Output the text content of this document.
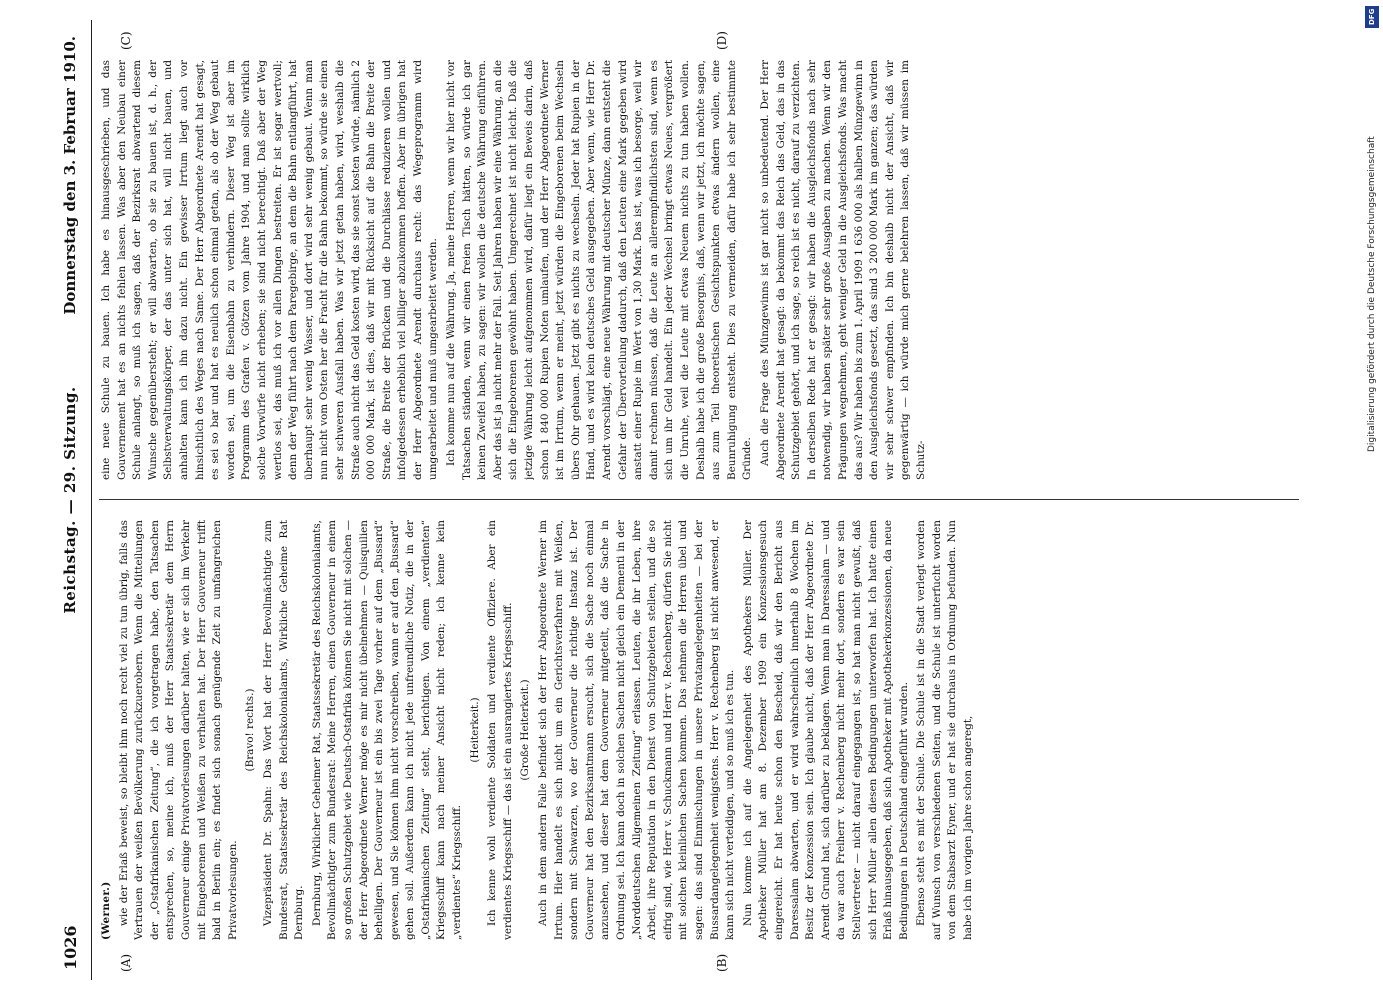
1026
Reichstag. — 29. Sitzung.
Donnerstag den 3. Februar 1910.
(A)	(B)
(C)	(D)

(Werner.) wie der Erlaß beweist, so bleibt ihm noch recht viel zu tun übrig, falls das Vertrauen der weißen Bevölkerung zurückzuerobern. Wenn die Mitteilungen der „Ostafrikanischen Zeitung“, die ich vorgetragen habe, den Tatsachen entsprechen, so, meine ich, muß der Herr Staatssekretär dem Herrn Gouverneur einige Privatvorlesungen darüber halten, wie er sich im Verkehr mit Eingeborenen und Weißen zu verhalten hat. Der Herr Gouverneur trifft bald in Berlin ein; es findet sich sonach genügende Zeit zu umfangreichen Privatvorlesungen.

(Bravo! rechts.) Vizepräsident Dr. Spahn: Das Wort hat der Herr Bevollmächtigte zum Bundesrat, Staatssekretär des Reichskolonialamts, Wirkliche Geheime Rat Dernburg. Dernburg, Wirklicher Geheimer Rat, Staatssekretär des Reichskolonialamts, Bevollmächtigter zum Bundesrat: Meine Herren, einen Gouverneur in einem so großen Schutzgebiet wie Deutsch-Ostafrika können Sie nicht mit solchen — der Herr Abgeordnete Werner möge es mir nicht übelnehmen — Quisquilien behelligen. Der Gouverneur ist ein bis zwei Tage vorher auf dem „Bussard“ gewesen, und Sie können ihm nicht vorschreiben, wann er auf den „Bussard“ gehen soll. Außerdem kann ich nicht jede unfreundliche Notiz, die in der „Ostafrikanischen Zeitung“ steht, berichtigen. Von einem „verdienten“ Kriegsschiff kann nach meiner Ansicht nicht reden; ich kenne kein „verdientes“ Kriegsschiff.

(Heiterkeit.) Ich kenne wohl verdiente Soldaten und verdiente Offiziere. Aber ein verdientes Kriegsschiff — das ist ein ausrangiertes Kriegsschiff. (Große Heiterkeit.) Auch in dem andern Falle befindet sich der Herr Abgeordnete Werner im Irrtum. Hier handelt es sich nicht um ein Gerichtsverfahren mit Weißen, sondern mit Schwarzen, wo der Gouverneur die richtige Instanz ist. Der Gouverneur hat den Bezirksamtmann ersucht, sich die Sache noch einmal anzusehen, und dieser hat dem Gouverneur mitgeteilt, daß die Sache in Ordnung sei. Ich kann doch in solchen Sachen nicht gleich ein Dementi in der „Norddeutschen Allgemeinen Zeitung“ erlassen. Leuten, die ihr Leben, ihre Arbeit, ihre Reputation in den Dienst von Schutzgebieten stellen, und die so eifrig sind, wie Herr v. Schuckmann und Herr v. Rechenberg, dürfen Sie nicht mit solchen kleinlichen Sachen kommen. Das nehmen die Herren übel und sagen: das sind Einmischungen in unsere Privatangelegenheiten — bei der Bussardangelegenheit wenigstens. Herr v. Rechenberg ist nicht anwesend, er kann sich nicht verteidigen, und so muß ich es tun. Nun komme ich auf die Angelegenheit des Apothekers Müller. Der Apotheker Müller hat am 8. Dezember 1909 ein Konzessionsgesuch eingereicht. Er hat heute schon den Bescheid, daß wir den Bericht aus Daressalam abwarten, und er wird wahrscheinlich innerhalb 8 Wochen im Besitz der Konzession sein. Ich glaube nicht, daß der Herr Abgeordnete Dr. Arendt Grund hat, sich darüber zu beklagen. Wenn man in Daressalam — und da war auch Freiherr v. Rechenberg nicht mehr dort, sondern es war sein Stellvertreter — nicht darauf eingegangen ist, so hat man nicht gewußt, daß sich Herr Müller allen diesen Bedingungen unterworfen hat. Ich hatte einen Erlaß hinausgegeben, daß sich Apotheker mit Apothekerkonzessionen, da neue Bedingungen in Deutschland eingeführt wurden. Ebenso steht es mit der Schule. Die Schule ist in die Stadt verlegt worden auf Wunsch von verschiedenen Seiten, und die Schule ist unterfucht worden von dem Stabsarzt Eyner, und er hat sie durchaus in Ordnung befunden. Nun habe ich im vorigen Jahre schon angeregt,

eine neue Schule zu bauen. Ich habe es hinausgeschrieben, und das Gouvernement hat es an nichts fehlen lassen. Was aber den Neubau einer Schule anlangt, so muß ich sagen, daß der Bezirksrat abwartend diesem Wunsche gegenübersteht; er will abwarten, ob sie zu bauen ist, d. h., der Selbstverwaltungskörper, der das unter sich hat, will nicht bauen, und anhalten kann ich ihn dazu nicht. Ein gewisser Irrtum liegt auch vor hinsichtlich des Weges nach Same. Der Herr Abgeordnete Arendt hat gesagt, es sei so bar und hat es neulich schon einmal getan, als ob der Weg gebaut worden sei, um die Eisenbahn zu verhindern. Dieser Weg ist aber im Programm des Grafen v. Götzen vom Jahre 1904, und man sollte wirklich solche Vorwürfe nicht erheben; sie sind nicht berechtigt. Daß aber der Weg wertlos sei, das muß ich vor allen Dingen bestreiten. Er ist sogar wertvoll; denn der Weg führt nach dem Paregebirge, an dem die Bahn entlangführt, hat überhaupt sehr wenig Wasser, und dort wird sehr wenig gebaut. Wenn man nun nicht vom Osten her die Fracht für die Bahn bekommt, so würde sie einen sehr schweren Ausfall haben. Was wir jetzt getan haben, wird, weshalb die Straße auch nicht das Geld kosten wird, das sie sonst kosten würde, nämlich 2 000 000 Mark, ist dies, daß wir mit Rücksicht auf die Bahn die Breite der Straße, die Breite der Brücken und die Durchlässe reduzieren wollen und infolgedessen erheblich viel billiger abzukommen hoffen. Aber im übrigen hat der Herr Abgeordnete Arendt durchaus recht: das Wegeprogramm wird umgearbeitet und muß umgearbeitet werden. Ich komme nun auf die Währung. Ja, meine Herren, wenn wir hier nicht vor Tatsachen ständen, wenn wir einen freien Tisch hätten, so würde ich gar keinen Zweifel haben, zu sagen: wir wollen die deutsche Währung einführen. Aber das ist ja nicht mehr der Fall. Seit Jahren haben wir eine Währung, an die sich die Eingeborenen gewöhnt haben. Umgerechnet ist nicht leicht. Daß die jetzige Währung leicht aufgenommen wird, dafür liegt ein Beweis darin, daß schon 1 840 000 Rupien Noten umlaufen, und der Herr Abgeordnete Werner ist im Irrtum, wenn er meint, jetzt würden die Eingeborenen beim Wechseln übers Ohr gehauen. Jetzt gibt es nichts zu wechseln. Jeder hat Rupien in der Hand, und es wird kein deutsches Geld ausgegeben. Aber wenn, wie Herr Dr. Arendt vorschlägt, eine neue Währung mit deutscher Münze, dann entsteht die Gefahr der Übervorteilung dadurch, daß den Leuten eine Mark gegeben wird anstatt einer Rupie im Wert von 1,30 Mark. Das ist, was ich besorge, weil wir damit rechnen müssen, daß die Leute an allerempfindlichsten sind, wenn es sich um ihr Geld handelt. Ein jeder Wechsel bringt etwas Neues, vergrößert die Unruhe, weil die Leute mit etwas Neuem nichts zu tun haben wollen. Deshalb habe ich die große Besorgnis, daß, wenn wir jetzt, ich möchte sagen, aus zum Teil theoretischen Gesichtspunkten etwas ändern wollen, eine Beunruhigung entsteht. Dies zu vermeiden, dafür habe ich sehr bestimmte Gründe. Auch die Frage des Münzgewinns ist gar nicht so unbedeutend. Der Herr Abgeordnete Arendt hat gesagt: da bekommt das Reich das Geld, das in das Schutzgebiet gehört, und ich sage, so reich ist es nicht, darauf zu verzichten. In derselben Rede hat er gesagt: wir haben die Ausgleichsfonds nach sehr notwendig, wir haben später sehr große Ausgaben zu machen. Wenn wir den Prägungen wegnehmen, geht weniger Geld in die Ausgleichsfonds. Was macht das aus? Wir haben bis zum 1. April 1909 1 636 000 als halben Münzgewinn in den Ausgleichsfonds gesetzt, das sind 3 200 000 Mark im ganzen; das würden wir sehr schwer empfinden. Ich bin deshalb nicht der Ansicht, daß wir gegenwärtig — ich würde mich gerne belehren lassen, daß wir müssen im Schutz-

DFG
Digitalisierung gefördert durch die Deutsche Forschungsgemeinschaft
